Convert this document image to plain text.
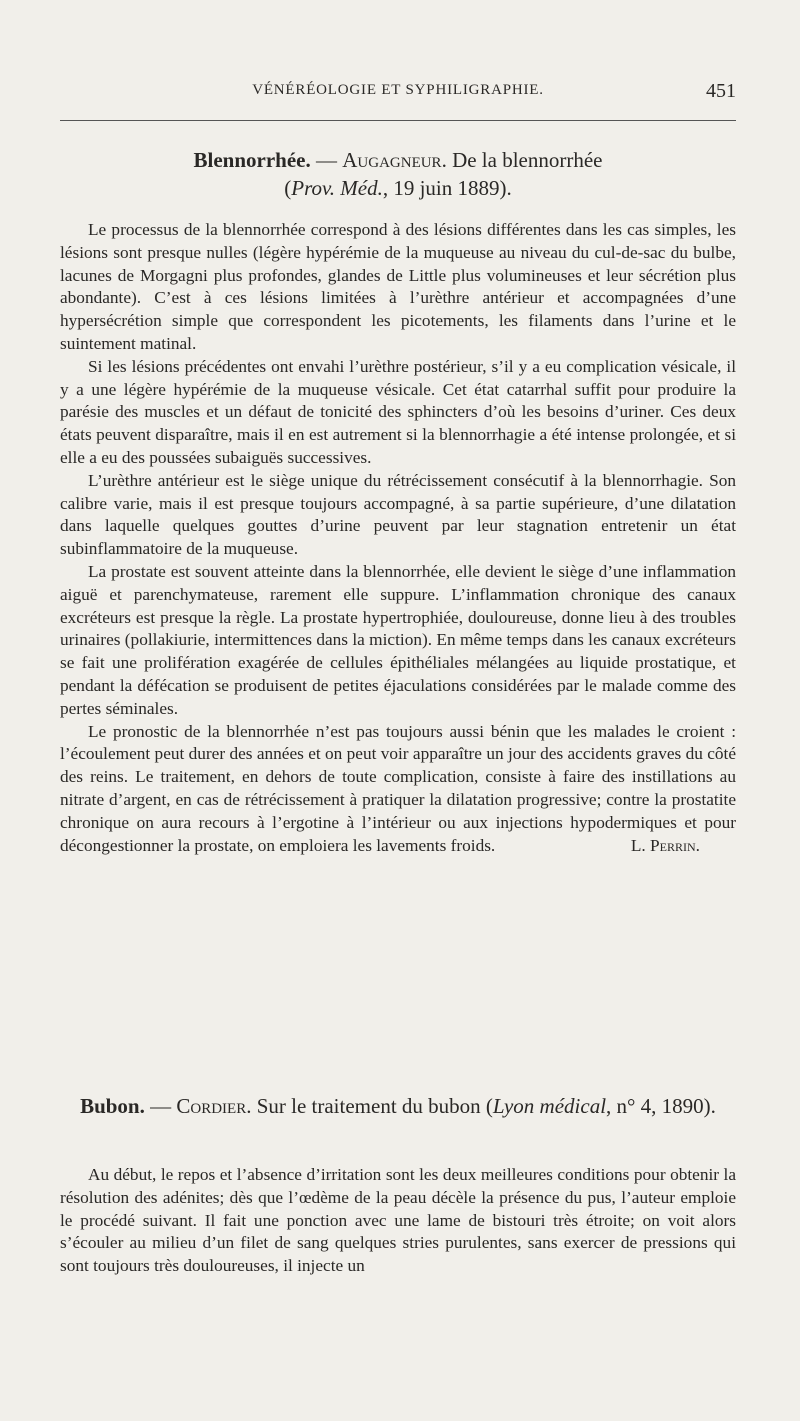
VÉNÉRÉOLOGIE ET SYPHILIGRAPHIE.	451
Blennorrhée. — Augagneur. De la blennorrhée
(Prov. Méd., 19 juin 1889).

Le processus de la blennorrhée correspond à des lésions différentes dans les cas simples, les lésions sont presque nulles (légère hypérémie de la muqueuse au niveau du cul-de-sac du bulbe, lacunes de Morgagni plus profondes, glandes de Little plus volumineuses et leur sécrétion plus abondante). C’est à ces lésions limitées à l’urèthre antérieur et accompagnées d’une hypersécrétion simple que correspondent les picotements, les filaments dans l’urine et le suintement matinal.

Si les lésions précédentes ont envahi l’urèthre postérieur, s’il y a eu complication vésicale, il y a une légère hypérémie de la muqueuse vésicale. Cet état catarrhal suffit pour produire la parésie des muscles et un défaut de tonicité des sphincters d’où les besoins d’uriner. Ces deux états peuvent disparaître, mais il en est autrement si la blennorrhagie a été intense prolongée, et si elle a eu des poussées subaiguës successives.

L’urèthre antérieur est le siège unique du rétrécissement consécutif à la blennorrhagie. Son calibre varie, mais il est presque toujours accompagné, à sa partie supérieure, d’une dilatation dans laquelle quelques gouttes d’urine peuvent par leur stagnation entretenir un état subinflammatoire de la muqueuse.

La prostate est souvent atteinte dans la blennorrhée, elle devient le siège d’une inflammation aiguë et parenchymateuse, rarement elle suppure. L’inflammation chronique des canaux excréteurs est presque la règle. La prostate hypertrophiée, douloureuse, donne lieu à des troubles urinaires (pollakiurie, intermittences dans la miction). En même temps dans les canaux excréteurs se fait une prolifération exagérée de cellules épithéliales mélangées au liquide prostatique, et pendant la défécation se produisent de petites éjaculations considérées par le malade comme des pertes séminales.

Le pronostic de la blennorrhée n’est pas toujours aussi bénin que les malades le croient : l’écoulement peut durer des années et on peut voir apparaître un jour des accidents graves du côté des reins. Le traitement, en dehors de toute complication, consiste à faire des instillations au nitrate d’argent, en cas de rétrécissement à pratiquer la dilatation progressive; contre la prostatite chronique on aura recours à l’ergotine à l’intérieur ou aux injections hypodermiques et pour décongestionner la prostate, on emploiera les lavements froids.	L. Perrin.

Bubon. — Cordier. Sur le traitement du bubon (Lyon médical, n° 4, 1890).

Au début, le repos et l’absence d’irritation sont les deux meilleures conditions pour obtenir la résolution des adénites; dès que l’œdème de la peau décèle la présence du pus, l’auteur emploie le procédé suivant. Il fait une ponction avec une lame de bistouri très étroite; on voit alors s’écouler au milieu d’un filet de sang quelques stries purulentes, sans exercer de pressions qui sont toujours très douloureuses, il injecte un
